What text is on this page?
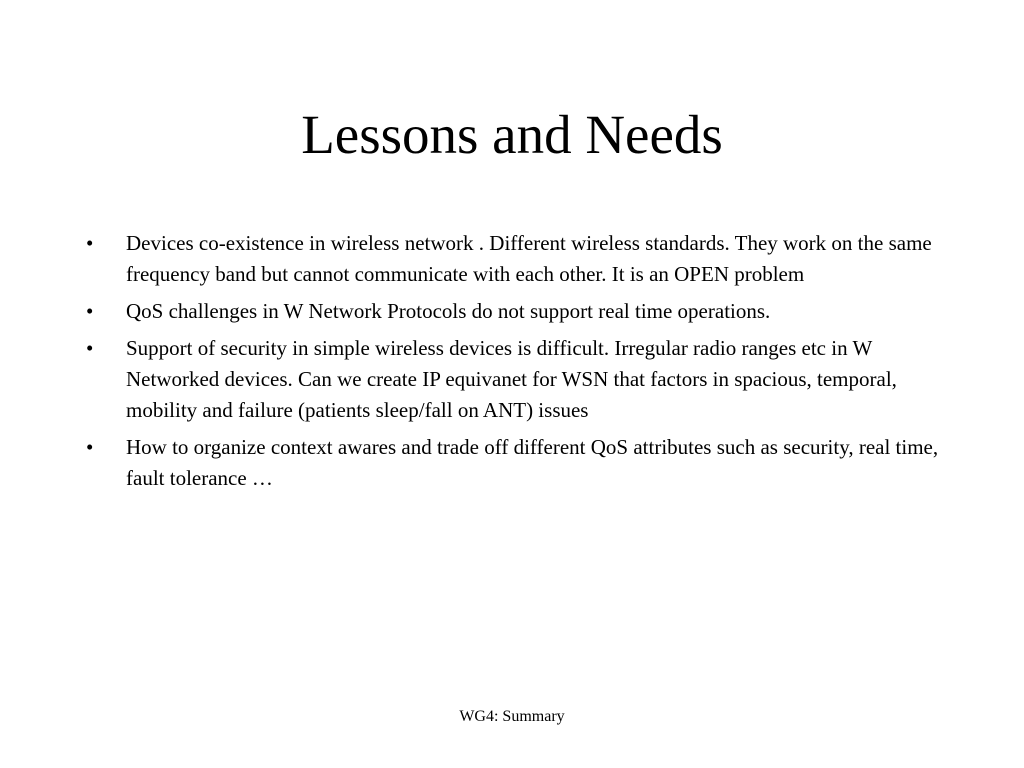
Lessons and Needs
•	Devices co-existence in wireless network . Different wireless standards. They work on the same frequency band but cannot communicate with each other. It is an OPEN problem
•	QoS challenges in W Network Protocols do not support real time operations.
•	Support of security in simple wireless devices is difficult. Irregular radio ranges etc in W Networked devices. Can we create IP equivanet for WSN that factors in spacious, temporal, mobility and failure (patients sleep/fall on ANT) issues
•	How to organize context awares and trade off different QoS attributes such as security, real time, fault tolerance …
WG4: Summary
